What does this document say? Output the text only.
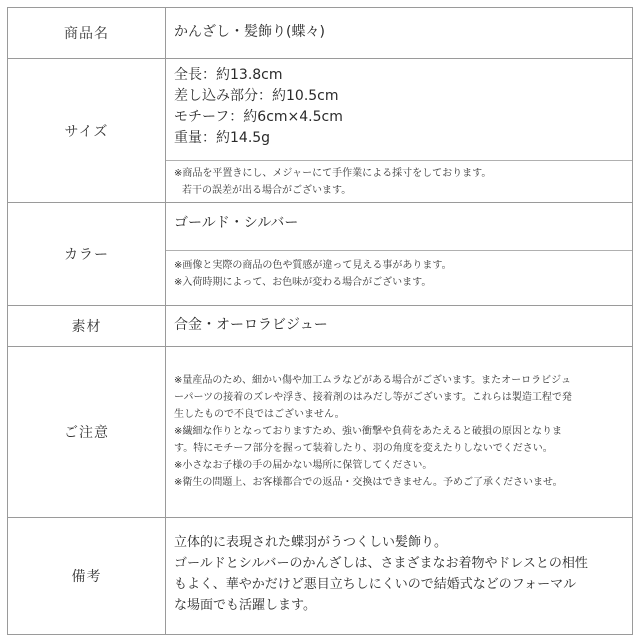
商品名	かんざし・髪飾り(蝶々)
サイズ
全長：約13.8cm
差し込み部分：約10.5cm
モチーフ：約6cm×4.5cm
重量：約14.5g
※商品を平置きにし、メジャーにて手作業による採寸をしております。
若干の誤差が出る場合がございます。
カラー
ゴールド・シルバー
※画像と実際の商品の色や質感が違って見える事があります。
※入荷時期によって、お色味が変わる場合がございます。
素材	合金・オーロラビジュー
ご注意
※量産品のため、細かい傷や加工ムラなどがある場合がございます。またオーロラビジュ
ーパーツの接着のズレや浮き、接着剤のはみだし等がございます。これらは製造工程で発
生したもので不良ではございません。
※繊細な作りとなっておりますため、強い衝撃や負荷をあたえると破損の原因となりま
す。特にモチーフ部分を握って装着したり、羽の角度を変えたりしないでください。
※小さなお子様の手の届かない場所に保管してください。
※衛生の問題上、お客様都合での返品・交換はできません。予めご了承くださいませ。
備考
立体的に表現された蝶羽がうつくしい髪飾り。
ゴールドとシルバーのかんざしは、さまざまなお着物やドレスとの相性
もよく、華やかだけど悪目立ちしにくいので結婚式などのフォーマル
な場面でも活躍します。
